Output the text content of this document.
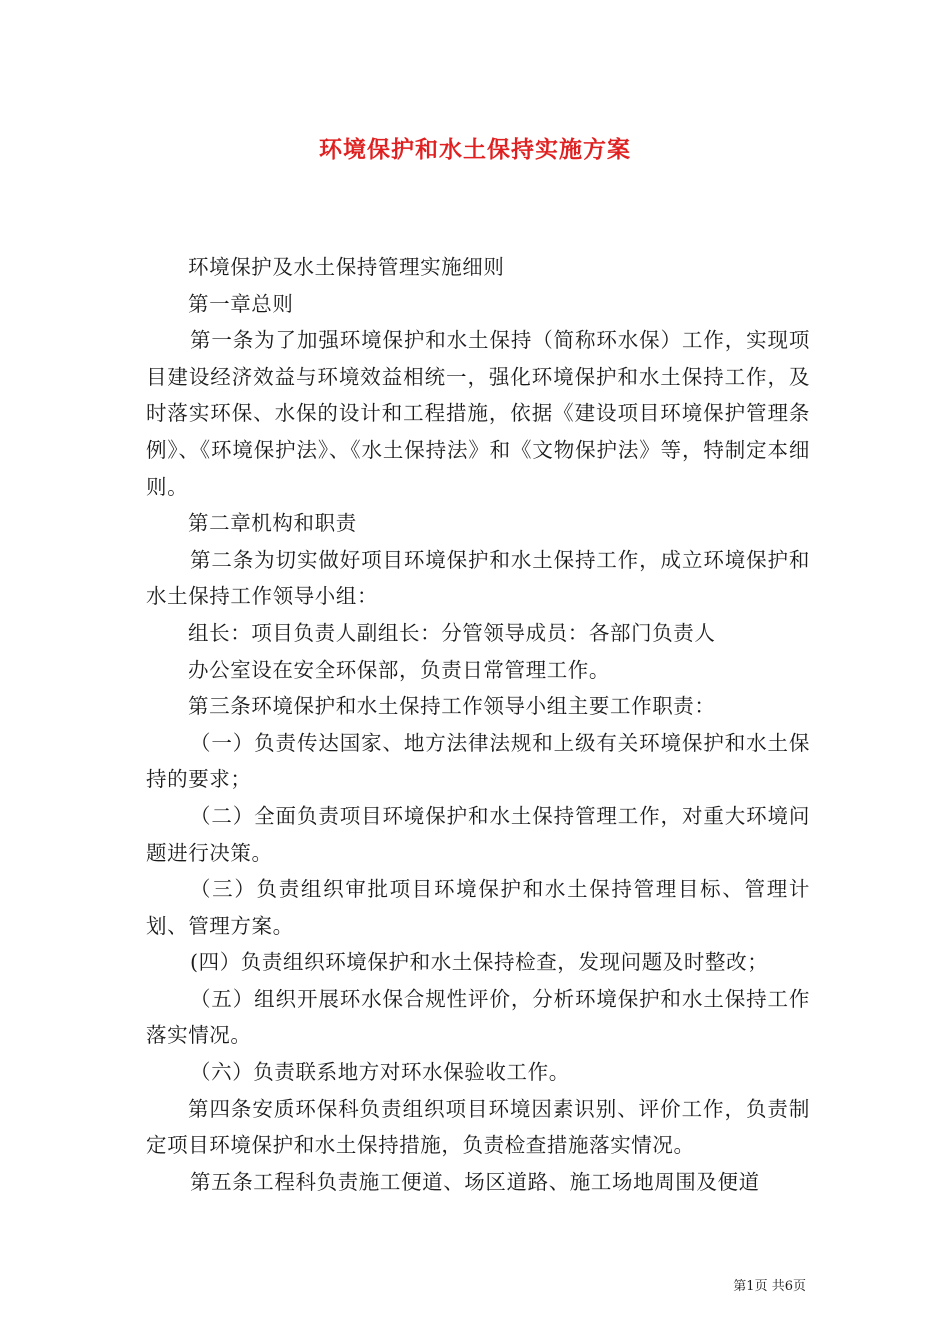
环境保护和水土保持实施方案

环境保护及水土保持管理实施细则

第一章总则

第一条为了加强环境保护和水土保持（简称环水保）工作，实现项目建设经济效益与环境效益相统一，强化环境保护和水土保持工作，及时落实环保、水保的设计和工程措施，依据《建设项目环境保护管理条例》、《环境保护法》、《水土保持法》和《文物保护法》等，特制定本细则。

第二章机构和职责

第二条为切实做好项目环境保护和水土保持工作，成立环境保护和水土保持工作领导小组：

组长：项目负责人副组长：分管领导成员：各部门负责人

办公室设在安全环保部，负责日常管理工作。

第三条环境保护和水土保持工作领导小组主要工作职责：

（一）负责传达国家、地方法律法规和上级有关环境保护和水土保持的要求；

（二）全面负责项目环境保护和水土保持管理工作，对重大环境问题进行决策。

（三）负责组织审批项目环境保护和水土保持管理目标、管理计划、管理方案。

(四）负责组织环境保护和水土保持检查，发现问题及时整改；

（五）组织开展环水保合规性评价，分析环境保护和水土保持工作落实情况。

（六）负责联系地方对环水保验收工作。

第四条安质环保科负责组织项目环境因素识别、评价工作，负责制定项目环境保护和水土保持措施，负责检查措施落实情况。

第五条工程科负责施工便道、场区道路、施工场地周围及便道

第1页 共6页
